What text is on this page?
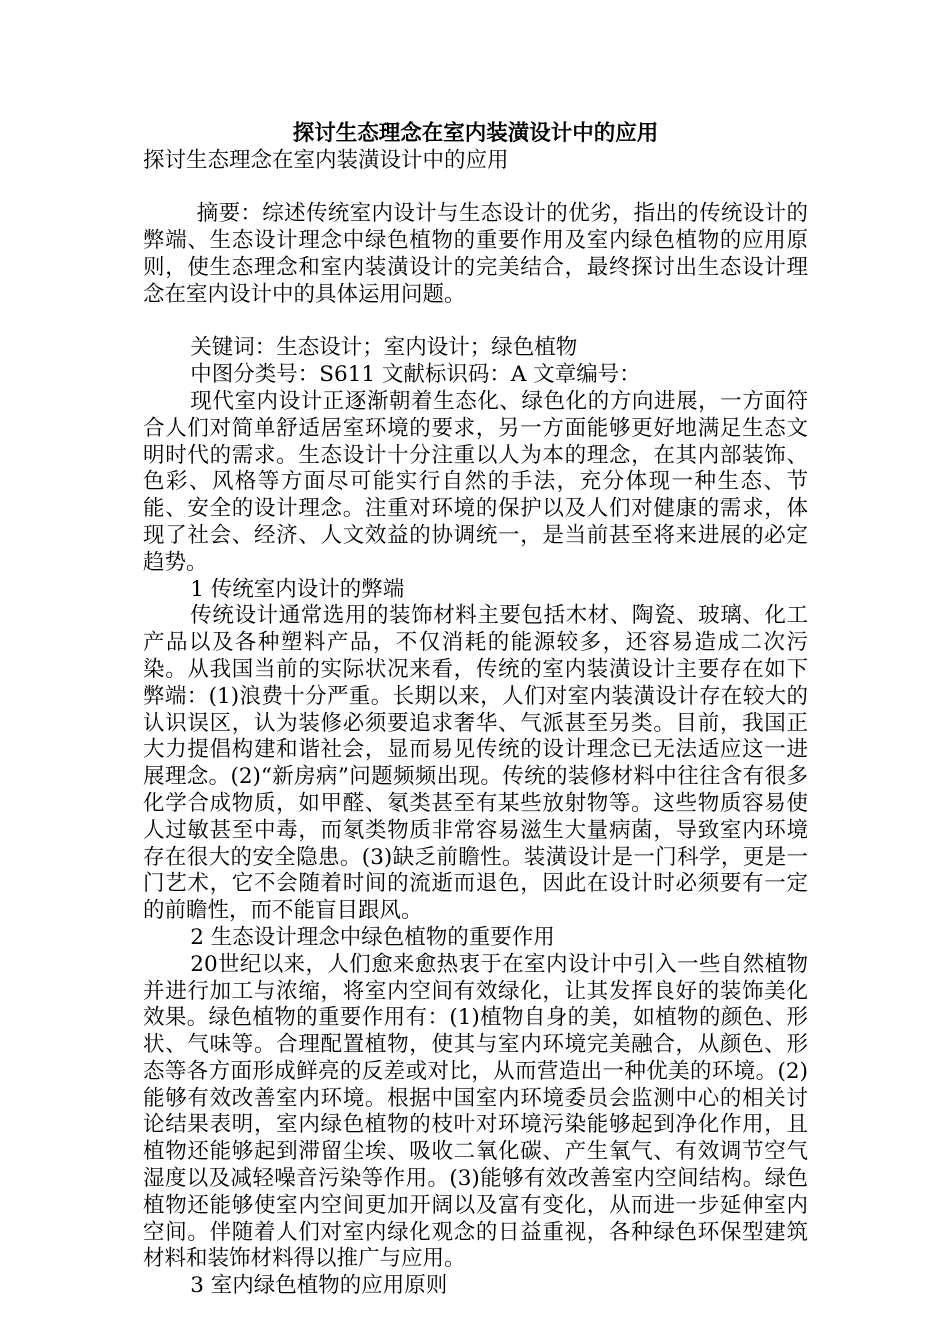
探讨生态理念在室内装潢设计中的应用

探讨生态理念在室内装潢设计中的应用

摘要：综述传统室内设计与生态设计的优劣，指出的传统设计的弊端、生态设计理念中绿色植物的重要作用及室内绿色植物的应用原则，使生态理念和室内装潢设计的完美结合，最终探讨出生态设计理念在室内设计中的具体运用问题。

关键词：生态设计；室内设计；绿色植物

中图分类号：S611 文献标识码：A 文章编号：

现代室内设计正逐渐朝着生态化、绿色化的方向进展，一方面符合人们对简单舒适居室环境的要求，另一方面能够更好地满足生态文明时代的需求。生态设计十分注重以人为本的理念，在其内部装饰、色彩、风格等方面尽可能实行自然的手法，充分体现一种生态、节能、安全的设计理念。注重对环境的保护以及人们对健康的需求，体现了社会、经济、人文效益的协调统一，是当前甚至将来进展的必定趋势。

1 传统室内设计的弊端

传统设计通常选用的装饰材料主要包括木材、陶瓷、玻璃、化工产品以及各种塑料产品，不仅消耗的能源较多，还容易造成二次污染。从我国当前的实际状况来看，传统的室内装潢设计主要存在如下弊端：(1)浪费十分严重。长期以来，人们对室内装潢设计存在较大的认识误区，认为装修必须要追求奢华、气派甚至另类。目前，我国正大力提倡构建和谐社会，显而易见传统的设计理念已无法适应这一进展理念。(2)“新房病”问题频频出现。传统的装修材料中往往含有很多化学合成物质，如甲醛、氡类甚至有某些放射物等。这些物质容易使人过敏甚至中毒，而氡类物质非常容易滋生大量病菌，导致室内环境存在很大的安全隐患。(3)缺乏前瞻性。装潢设计是一门科学，更是一门艺术，它不会随着时间的流逝而退色，因此在设计时必须要有一定的前瞻性，而不能盲目跟风。

2 生态设计理念中绿色植物的重要作用

20世纪以来，人们愈来愈热衷于在室内设计中引入一些自然植物并进行加工与浓缩，将室内空间有效绿化，让其发挥良好的装饰美化效果。绿色植物的重要作用有：(1)植物自身的美，如植物的颜色、形状、气味等。合理配置植物，使其与室内环境完美融合，从颜色、形态等各方面形成鲜亮的反差或对比，从而营造出一种优美的环境。(2)能够有效改善室内环境。根据中国室内环境委员会监测中心的相关讨论结果表明，室内绿色植物的枝叶对环境污染能够起到净化作用，且植物还能够起到滞留尘埃、吸收二氧化碳、产生氧气、有效调节空气湿度以及减轻噪音污染等作用。(3)能够有效改善室内空间结构。绿色植物还能够使室内空间更加开阔以及富有变化，从而进一步延伸室内空间。伴随着人们对室内绿化观念的日益重视，各种绿色环保型建筑材料和装饰材料得以推广与应用。

3 室内绿色植物的应用原则
